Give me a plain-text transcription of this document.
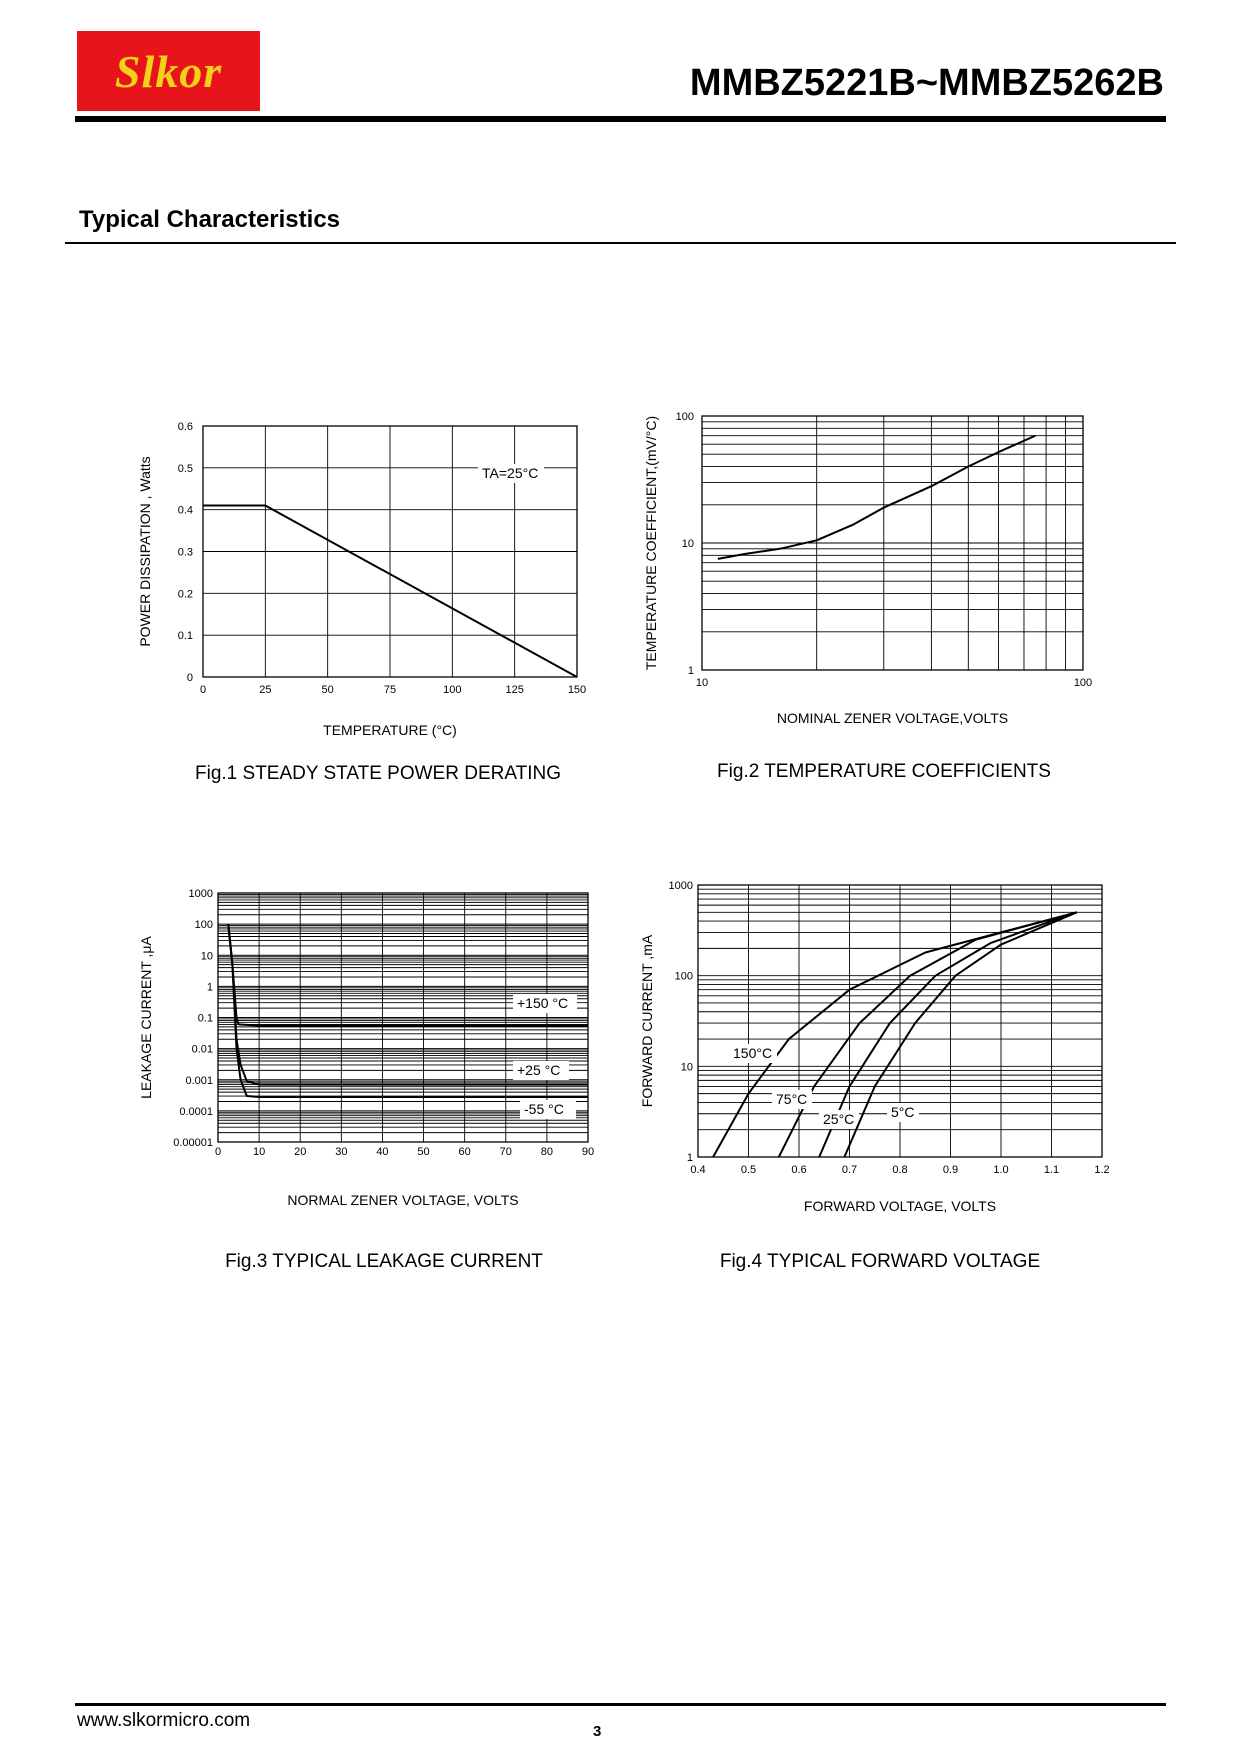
Slkor	MMBZ5221B~MMBZ5262B
Typical Characteristics
0	25	50	75	100	125	150
0
0.1
0.2
0.3
0.4
0.5
0.6
TEMPERATURE (°C)
POWER DISSIPATION , Watts
Fig.1 STEADY STATE POWER DERATING
TA=25°C
10	100
1
10
100
NOMINAL ZENER VOLTAGE,VOLTS
TEMPERATURE COEFFICIENT,(mV/°C)
Fig.2 TEMPERATURE COEFFICIENTS
0	10	20	30	40	50	60	70	80	90
0.00001
0.0001
0.001
0.01
0.1
1
10
100
1000
NORMAL ZENER VOLTAGE, VOLTS
LEAKAGE CURRENT ,μA
Fig.3 TYPICAL LEAKAGE CURRENT
+150 °C
+25 °C
-55 °C
0.4	0.5	0.6	0.7	0.8	0.9	1.0	1.1	1.2
1
10
100
1000
FORWARD VOLTAGE, VOLTS
FORWARD CURRENT ,mA
Fig.4 TYPICAL FORWARD VOLTAGE
150°C
75°C
25°C	5°C
www.slkormicro.com
3
